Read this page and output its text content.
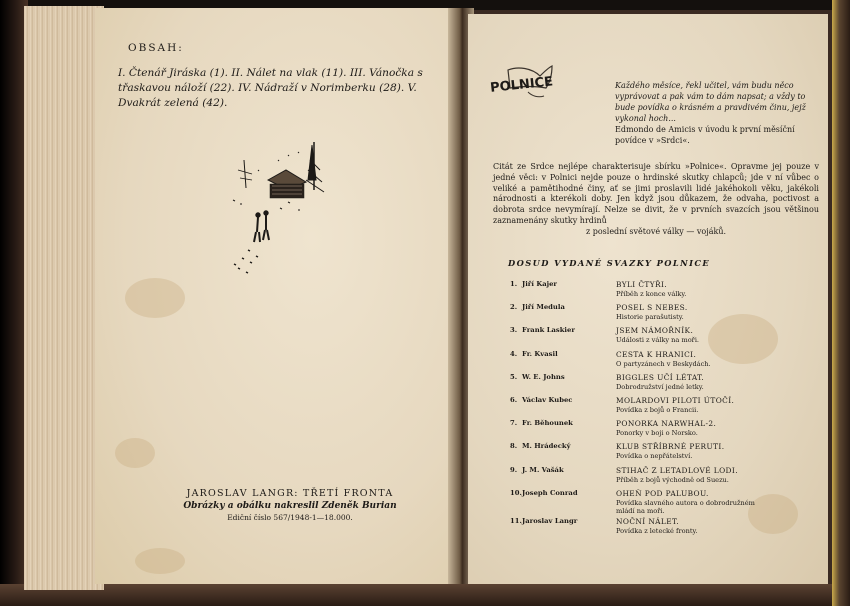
OBSAH:
I. Čtenář Jiráska (1). II. Nálet na vlak (11). III. Vánočka s třaskavou náloží (22). IV. Nádraží v Norimberku (28). V. Dvakrát zelená (42).
JAROSLAV LANGR: TŘETÍ FRONTA
Obrázky a obálku nakreslil Zdeněk Burian
Ediční číslo 567/1948-1—18.000.
POLNICE	Každého měsíce, řekl učitel, vám budu něco vyprávovat a pak vám to dám napsat; a vždy to bude povídka o krásném a pravdivém činu, jejž vykonal hoch...
Edmondo de Amicis v úvodu k první měsíční povídce v »Srdci«.
Citát ze Srdce nejlépe charakterisuje sbírku »Polnice«. Opravme jej pouze v jedné věci: v Polnici nejde pouze o hrdinské skutky chlapců; jde v ní vůbec o veliké a pamětihodné činy, ať se jimi proslavili lidé jakéhokoli věku, jakékoli národnosti a kterékoli doby. Jen když jsou důkazem, že odvaha, poctivost a dobrota srdce nevymírají. Nelze se divit, že v prvních svazcích jsou většinou zaznamenány skutky hrdinů
z poslední světové války — vojáků.
DOSUD VYDANÉ SVAZKY POLNICE
1. Jiří Kajer	BYLI ČTYŘI.
Příběh z konce války.
2. Jiří Medula	POSEL S NEBES.
Historie parašutisty.
3. Frank Laskier	JSEM NÁMOŘNÍK.
Události z války na moři.
4. Fr. Kvasil	CESTA K HRANICI.
O partyzánech v Beskydách.
5. W. E. Johns	BIGGLES UČÍ LÉTAT.
Dobrodružství jedné letky.
6. Václav Kubec	MOLARDOVI PILOTI ÚTOČÍ.
Povídka z bojů o Francii.
7. Fr. Běhounek	PONORKA NARWHAL-2.
Ponorky v boji o Norsko.
8. M. Hrádecký	KLUB STŘÍBRNÉ PERUTI.
Povídka o nepřátelství.
9. J. M. Vašák	STIHAČ Z LETADLOVÉ LODI.
Příběh z bojů východně od Suezu.
10. Joseph Conrad	OHEŇ POD PALUBOU.
Povídka slavného autora o dobrodružném
mládí na moři.
11. Jaroslav Langr	NOČNÍ NÁLET.
Povídka z letecké fronty.
